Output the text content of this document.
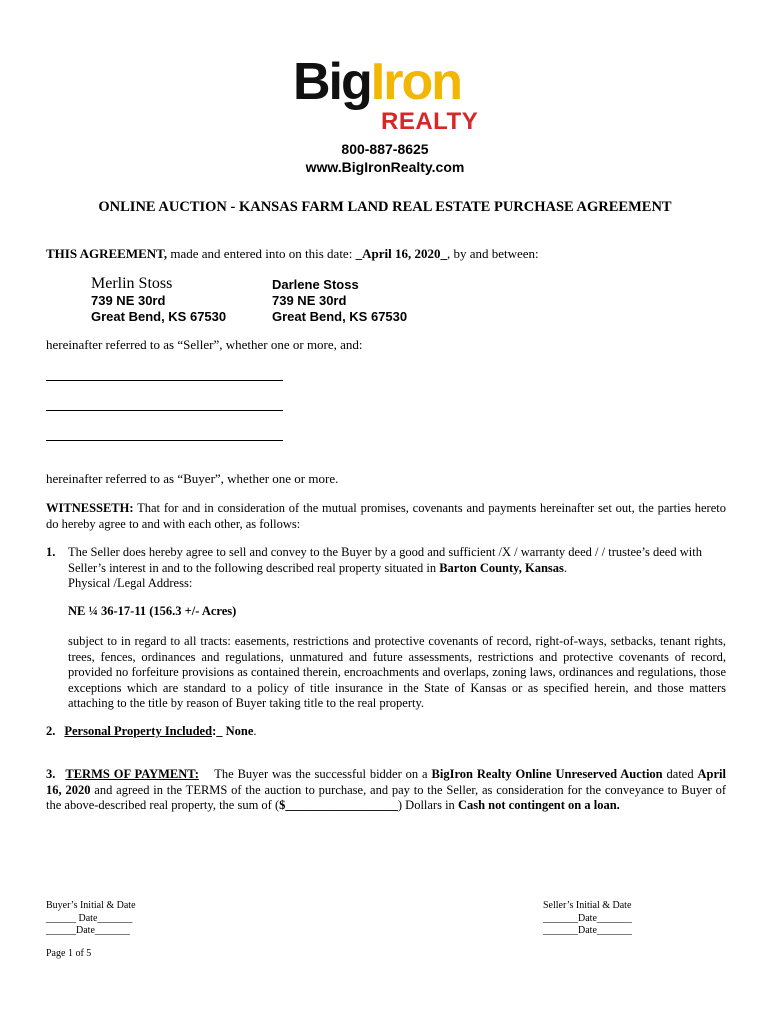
BigIron
REALTY
800-887-8625
www.BigIronRealty.com
ONLINE AUCTION - KANSAS FARM LAND REAL ESTATE PURCHASE AGREEMENT
THIS AGREEMENT, made and entered into on this date: _April 16, 2020_, by and between:
Merlin Stoss
739 NE 30rd
Great Bend, KS 67530
Darlene Stoss
739 NE 30rd
Great Bend, KS 67530
hereinafter referred to as “Seller”, whether one or more, and:
hereinafter referred to as “Buyer”, whether one or more.
WITNESSETH: That for and in consideration of the mutual promises, covenants and payments hereinafter set out, the parties hereto do hereby agree to and with each other, as follows:
1. The Seller does hereby agree to sell and convey to the Buyer by a good and sufficient /X / warranty deed / / trustee’s deed with
Seller’s interest in and to the following described real property situated in Barton County, Kansas.
Physical /Legal Address:
NE ¼ 36-17-11 (156.3 +/- Acres)
subject to in regard to all tracts: easements, restrictions and protective covenants of record, right-of-ways, setbacks, tenant rights, trees, fences, ordinances and regulations, unmatured and future assessments, restrictions and protective covenants of record, provided no forfeiture provisions as contained therein, encroachments and overlaps, zoning laws, ordinances and regulations, those exceptions which are standard to a policy of title insurance in the State of Kansas or as specified herein, and those matters attaching to the title by reason of Buyer taking title to the real property.
2. Personal Property Included:_ None.
3. TERMS OF PAYMENT:    The Buyer was the successful bidder on a BigIron Realty Online Unreserved Auction dated April 16, 2020 and agreed in the TERMS of the auction to purchase, and pay to the Seller, as consideration for the conveyance to Buyer of the above-described real property, the sum of ($__________________) Dollars in Cash not contingent on a loan.
Buyer’s Initial & Date
______ Date_______
______Date_______
Seller’s Initial & Date
_______Date_______
_______Date_______
Page 1 of 5
